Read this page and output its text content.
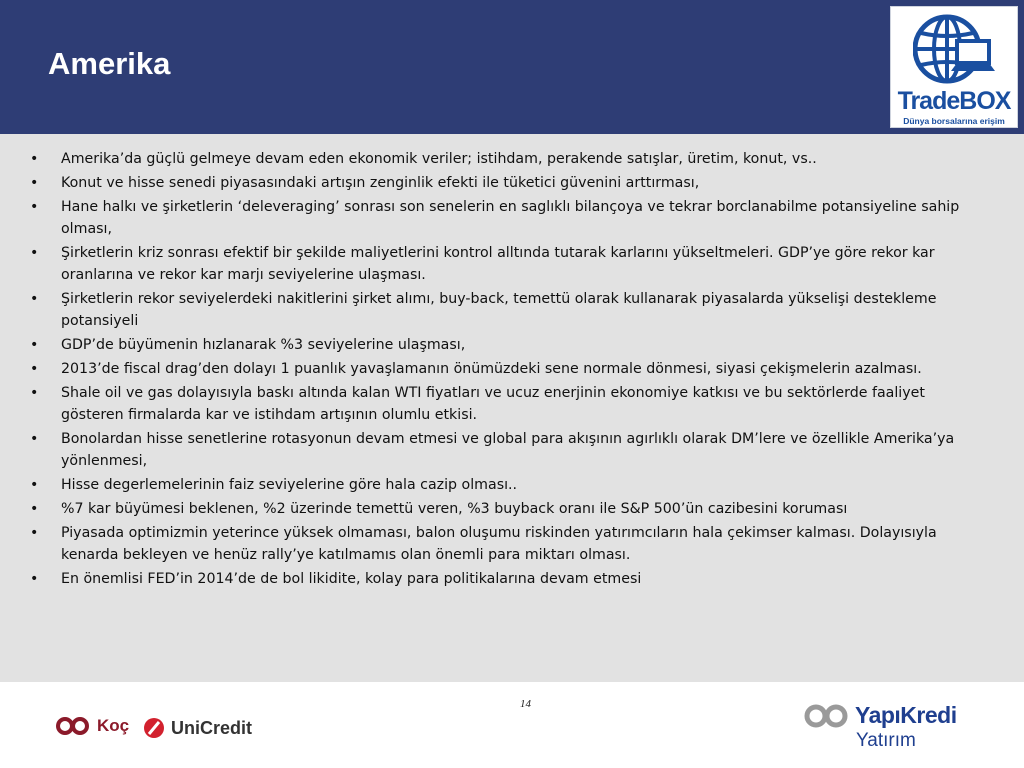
Amerika
TradeBOX
Dünya borsalarına erişim
• Amerika’da güçlü gelmeye devam eden ekonomik veriler; istihdam, perakende satışlar, üretim, konut, vs..
• Konut ve hisse senedi piyasasındaki artışın zenginlik efekti ile tüketici güvenini arttırması,
• Hane halkı ve şirketlerin ‘deleveraging’ sonrası son senelerin en saglıklı bilançoya ve tekrar borclanabilme potansiyeline sahip olması,
• Şirketlerin kriz sonrası efektif bir şekilde maliyetlerini kontrol alltında tutarak karlarını yükseltmeleri. GDP’ye göre rekor kar oranlarına ve rekor kar marjı seviyelerine ulaşması.
• Şirketlerin rekor seviyelerdeki nakitlerini şirket alımı, buy-back, temettü olarak kullanarak piyasalarda yükselişi destekleme potansiyeli
• GDP’de büyümenin hızlanarak %3 seviyelerine ulaşması,
• 2013’de fiscal drag’den dolayı 1 puanlık yavaşlamanın önümüzdeki sene normale dönmesi, siyasi çekişmelerin azalması.
• Shale oil ve gas dolayısıyla baskı altında kalan WTI fiyatları ve ucuz enerjinin ekonomiye katkısı ve bu sektörlerde faaliyet gösteren firmalarda kar ve istihdam artışının olumlu etkisi.
• Bonolardan hisse senetlerine rotasyonun devam etmesi ve global para akışının agırlıklı olarak DM’lere ve özellikle Amerika’ya yönlenmesi,
• Hisse degerlemelerinin faiz seviyelerine göre hala cazip olması..
• %7 kar büyümesi beklenen, %2 üzerinde temettü veren, %3 buyback oranı ile S&P 500’ün cazibesini koruması
• Piyasada optimizmin yeterince yüksek olmaması, balon oluşumu riskinden yatırımcıların hala çekimser kalması. Dolayısıyla kenarda bekleyen ve henüz rally’ye katılmamıs olan önemli para miktarı olması.
• En önemlisi FED’in 2014’de de bol likidite, kolay para politikalarına devam etmesi
14
Koç UniCredit	YapıKredi
Yatırım
